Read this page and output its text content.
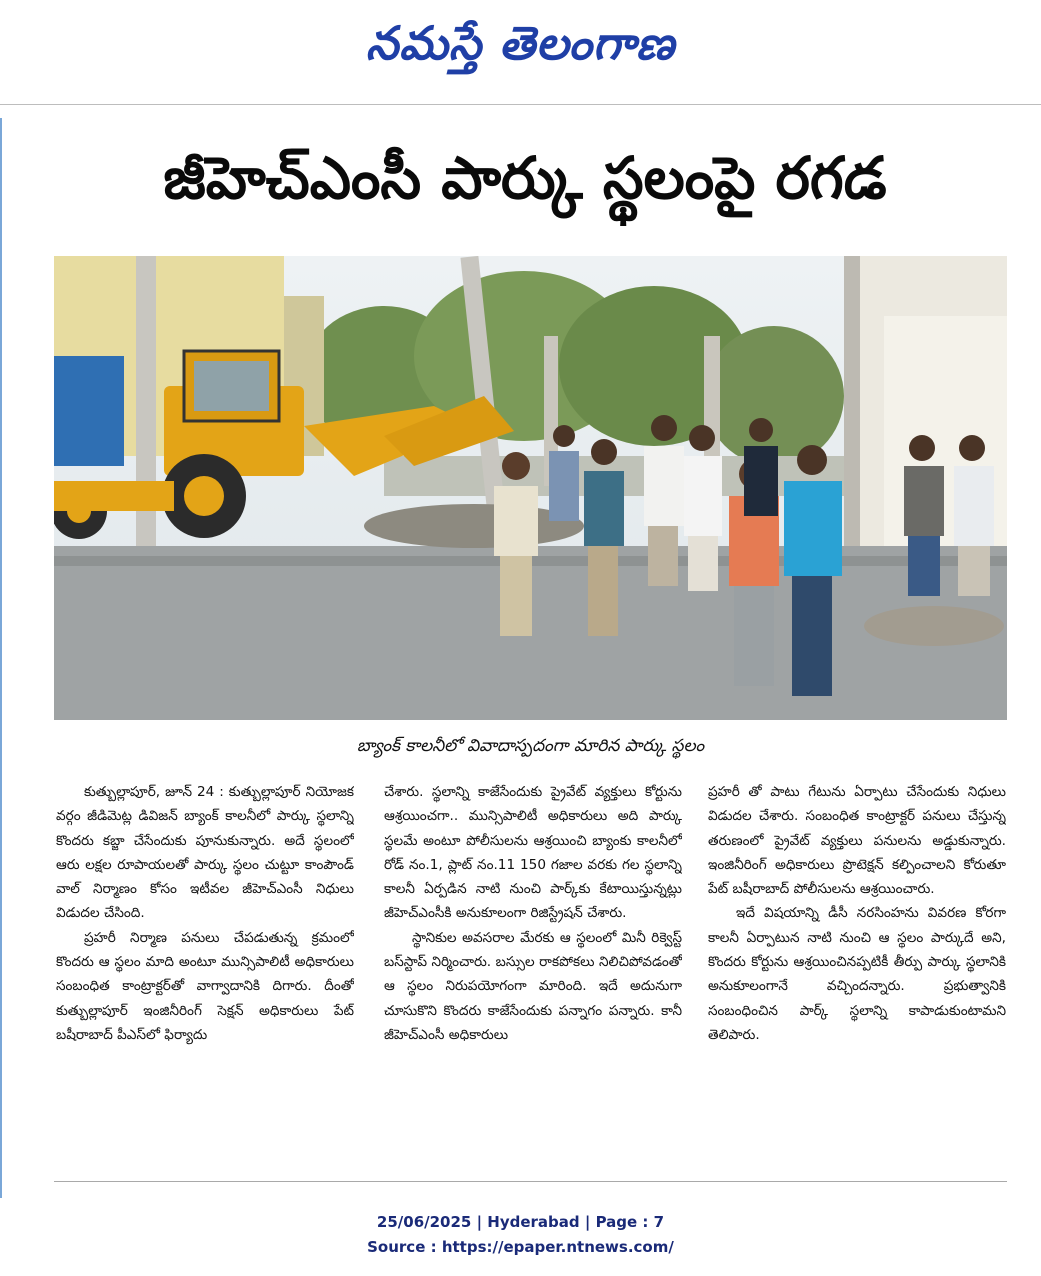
నమస్తే తెలంగాణ
జీహెచ్‌ఎంసీ పార్కు స్థలంపై రగడ
బ్యాంక్ కాలనీలో వివాదాస్పదంగా మారిన పార్కు స్థలం

కుత్బుల్లాపూర్, జూన్ 24 : కుత్బుల్లాపూర్ నియోజక వర్గం జీడిమెట్ల డివిజన్ బ్యాంక్ కాలనీలో పార్కు స్థలాన్ని కొందరు కబ్జా చేసేందుకు పూనుకున్నారు. అదే స్థలంలో ఆరు లక్షల రూపాయలతో పార్కు స్థలం చుట్టూ కాంపౌండ్ వాల్ నిర్మాణం కోసం ఇటీవల జీహెచ్‌ఎంసీ నిధులు విడుదల చేసింది.

ప్రహరీ నిర్మాణ పనులు చేపడుతున్న క్రమంలో కొందరు ఆ స్థలం మాది అంటూ మున్సిపాలిటీ అధికారులు సంబంధిత కాంట్రాక్టర్‌తో వాగ్వాదానికి దిగారు. దీంతో కుత్బుల్లాపూర్ ఇంజినీరింగ్ సెక్షన్ అధికారులు పేట్ బషీరాబాద్ పీఎస్‌లో ఫిర్యాదు

చేశారు. స్థలాన్ని కాజేసేందుకు ప్రైవేట్ వ్యక్తులు కోర్టును ఆశ్రయించగా.. మున్సిపాలిటీ అధికారులు అది పార్కు స్థలమే అంటూ పోలీసులను ఆశ్రయించి బ్యాంకు కాలనీలో రోడ్ నం.1, ప్లాట్ నం.11 150 గజాల వరకు గల స్థలాన్ని కాలనీ ఏర్పడిన నాటి నుంచి పార్క్‌కు కేటాయిస్తున్నట్లు జీహెచ్‌ఎంసీకి అనుకూలంగా రిజిస్ట్రేషన్ చేశారు.

స్థానికుల అవసరాల మేరకు ఆ స్థలంలో మినీ రిక్వెస్ట్ బస్‌స్టాప్ నిర్మించారు. బస్సుల రాకపోకలు నిలిచిపోవడంతో ఆ స్థలం నిరుపయోగంగా మారింది. ఇదే అదునుగా చూసుకొని కొందరు కాజేసేందుకు పన్నాగం పన్నారు. కానీ జీహెచ్‌ఎంసీ అధికారులు

ప్రహరీ తో పాటు గేటును ఏర్పాటు చేసేందుకు నిధులు విడుదల చేశారు. సంబంధిత కాంట్రాక్టర్ పనులు చేస్తున్న తరుణంలో ప్రైవేట్ వ్యక్తులు పనులను అడ్డుకున్నారు. ఇంజినీరింగ్ అధికారులు ప్రొటెక్షన్ కల్పించాలని కోరుతూ పేట్ బషీరాబాద్ పోలీసులను ఆశ్రయించారు.

ఇదే విషయాన్ని డీసీ నరసింహను వివరణ కోరగా కాలనీ ఏర్పాటున నాటి నుంచి ఆ స్థలం పార్కుదే అని, కొందరు కోర్టును ఆశ్రయించినప్పటికీ తీర్పు పార్కు స్థలానికి అనుకూలంగానే వచ్చిందన్నారు. ప్రభుత్వానికి సంబంధించిన పార్క్ స్థలాన్ని కాపాడుకుంటామని తెలిపారు.

25/06/2025 | Hyderabad | Page : 7
Source : https://epaper.ntnews.com/
